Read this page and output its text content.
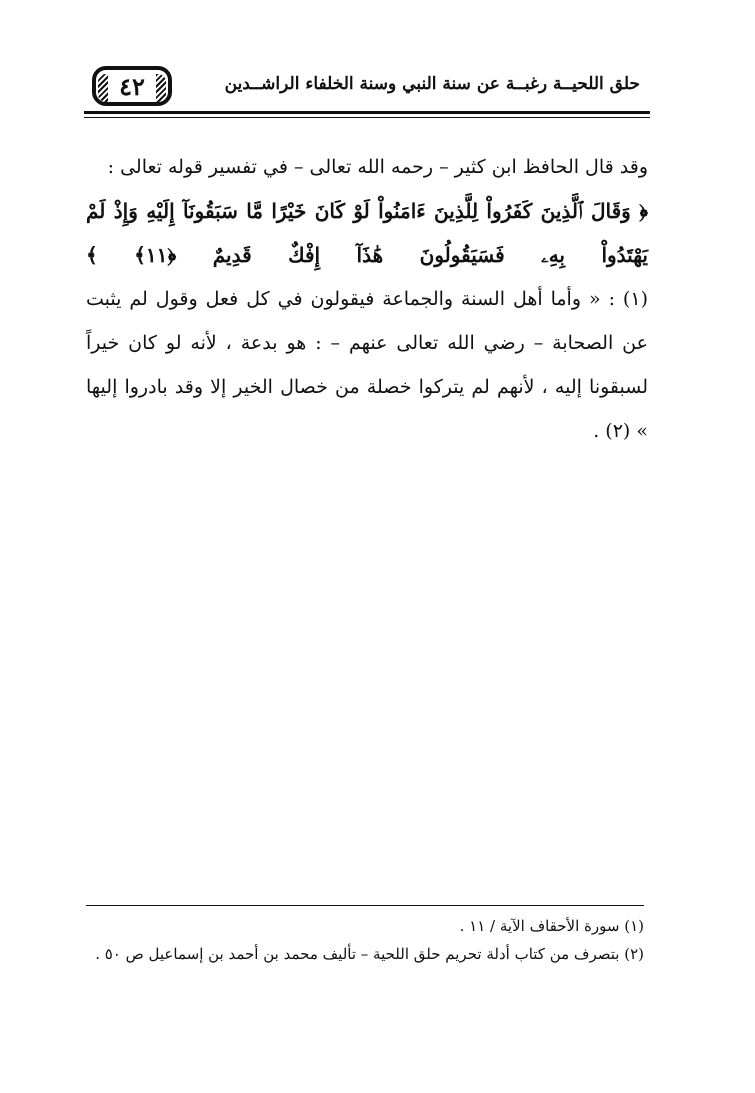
٤٢	حلق اللحيــة رغبــة عن سنة النبي وسنة الخلفاء الراشــدين

وقد قال الحافظ ابن كثير – رحمه الله تعالى – في تفسير قوله تعالى :

﴿ وَقَالَ ٱلَّذِينَ كَفَرُواْ لِلَّذِينَ ءَامَنُواْ لَوْ كَانَ خَيْرًا مَّا سَبَقُونَآ إِلَيْهِ وَإِذْ لَمْ يَهْتَدُواْ بِهِۦ فَسَيَقُولُونَ هَٰذَآ إِفْكٌ قَدِيمٌ ﴿١١﴾ ﴾

(١) : « وأما أهل السنة والجماعة فيقولون في كل فعل وقول لم يثبت عن الصحابة – رضي الله تعالى عنهم – : هو بدعة ، لأنه لو كان خيراً لسبقونا إليه ، لأنهم لم يتركوا خصلة من خصال الخير إلا وقد بادروا إليها » (٢) .

(١) سورة الأحقاف الآية / ١١ .

(٢) بتصرف من كتاب أدلة تحريم حلق اللحية – تأليف محمد بن أحمد بن إسماعيل ص ٥٠ .
